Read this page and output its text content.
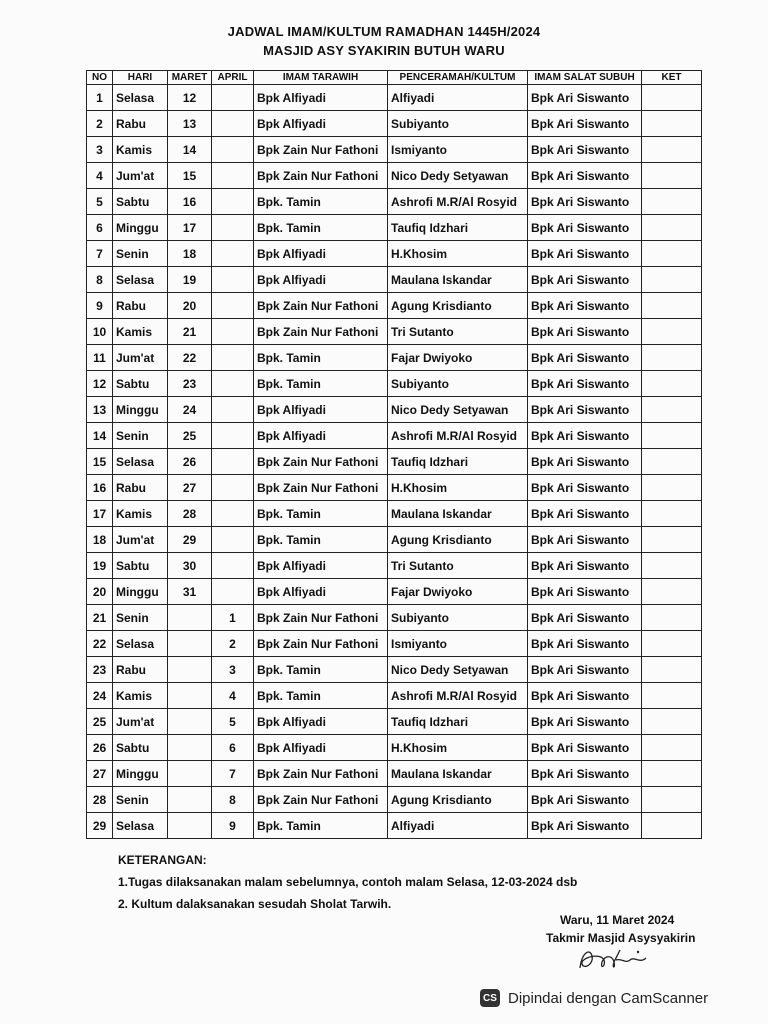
JADWAL IMAM/KULTUM RAMADHAN 1445H/2024
MASJID ASY SYAKIRIN BUTUH WARU
NO	HARI	MARET	APRIL	IMAM TARAWIH	PENCERAMAH/KULTUM	IMAM SALAT SUBUH	KET
1	Selasa	12		Bpk Alfiyadi	Alfiyadi	Bpk Ari Siswanto	
2	Rabu	13		Bpk Alfiyadi	Subiyanto	Bpk Ari Siswanto	
3	Kamis	14		Bpk Zain Nur Fathoni	Ismiyanto	Bpk Ari Siswanto	
4	Jum'at	15		Bpk Zain Nur Fathoni	Nico Dedy Setyawan	Bpk Ari Siswanto	
5	Sabtu	16		Bpk. Tamin	Ashrofi M.R/Al Rosyid	Bpk Ari Siswanto	
6	Minggu	17		Bpk. Tamin	Taufiq Idzhari	Bpk Ari Siswanto	
7	Senin	18		Bpk Alfiyadi	H.Khosim	Bpk Ari Siswanto	
8	Selasa	19		Bpk Alfiyadi	Maulana Iskandar	Bpk Ari Siswanto	
9	Rabu	20		Bpk Zain Nur Fathoni	Agung Krisdianto	Bpk Ari Siswanto	
10	Kamis	21		Bpk Zain Nur Fathoni	Tri Sutanto	Bpk Ari Siswanto	
11	Jum'at	22		Bpk. Tamin	Fajar Dwiyoko	Bpk Ari Siswanto	
12	Sabtu	23		Bpk. Tamin	Subiyanto	Bpk Ari Siswanto	
13	Minggu	24		Bpk Alfiyadi	Nico Dedy Setyawan	Bpk Ari Siswanto	
14	Senin	25		Bpk Alfiyadi	Ashrofi M.R/Al Rosyid	Bpk Ari Siswanto	
15	Selasa	26		Bpk Zain Nur Fathoni	Taufiq Idzhari	Bpk Ari Siswanto	
16	Rabu	27		Bpk Zain Nur Fathoni	H.Khosim	Bpk Ari Siswanto	
17	Kamis	28		Bpk. Tamin	Maulana Iskandar	Bpk Ari Siswanto	
18	Jum'at	29		Bpk. Tamin	Agung Krisdianto	Bpk Ari Siswanto	
19	Sabtu	30		Bpk Alfiyadi	Tri Sutanto	Bpk Ari Siswanto	
20	Minggu	31		Bpk Alfiyadi	Fajar Dwiyoko	Bpk Ari Siswanto	
21	Senin		1	Bpk Zain Nur Fathoni	Subiyanto	Bpk Ari Siswanto	
22	Selasa		2	Bpk Zain Nur Fathoni	Ismiyanto	Bpk Ari Siswanto	
23	Rabu		3	Bpk. Tamin	Nico Dedy Setyawan	Bpk Ari Siswanto	
24	Kamis		4	Bpk. Tamin	Ashrofi M.R/Al Rosyid	Bpk Ari Siswanto	
25	Jum'at		5	Bpk Alfiyadi	Taufiq Idzhari	Bpk Ari Siswanto	
26	Sabtu		6	Bpk Alfiyadi	H.Khosim	Bpk Ari Siswanto	
27	Minggu		7	Bpk Zain Nur Fathoni	Maulana Iskandar	Bpk Ari Siswanto	
28	Senin		8	Bpk Zain Nur Fathoni	Agung Krisdianto	Bpk Ari Siswanto	
29	Selasa		9	Bpk. Tamin	Alfiyadi	Bpk Ari Siswanto	
KETERANGAN:
1.Tugas dilaksanakan malam sebelumnya, contoh malam Selasa, 12-03-2024 dsb
2. Kultum dalaksanakan sesudah Sholat Tarwih.
Waru, 11 Maret 2024
Takmir Masjid Asysyakirin
CS Dipindai dengan CamScanner
